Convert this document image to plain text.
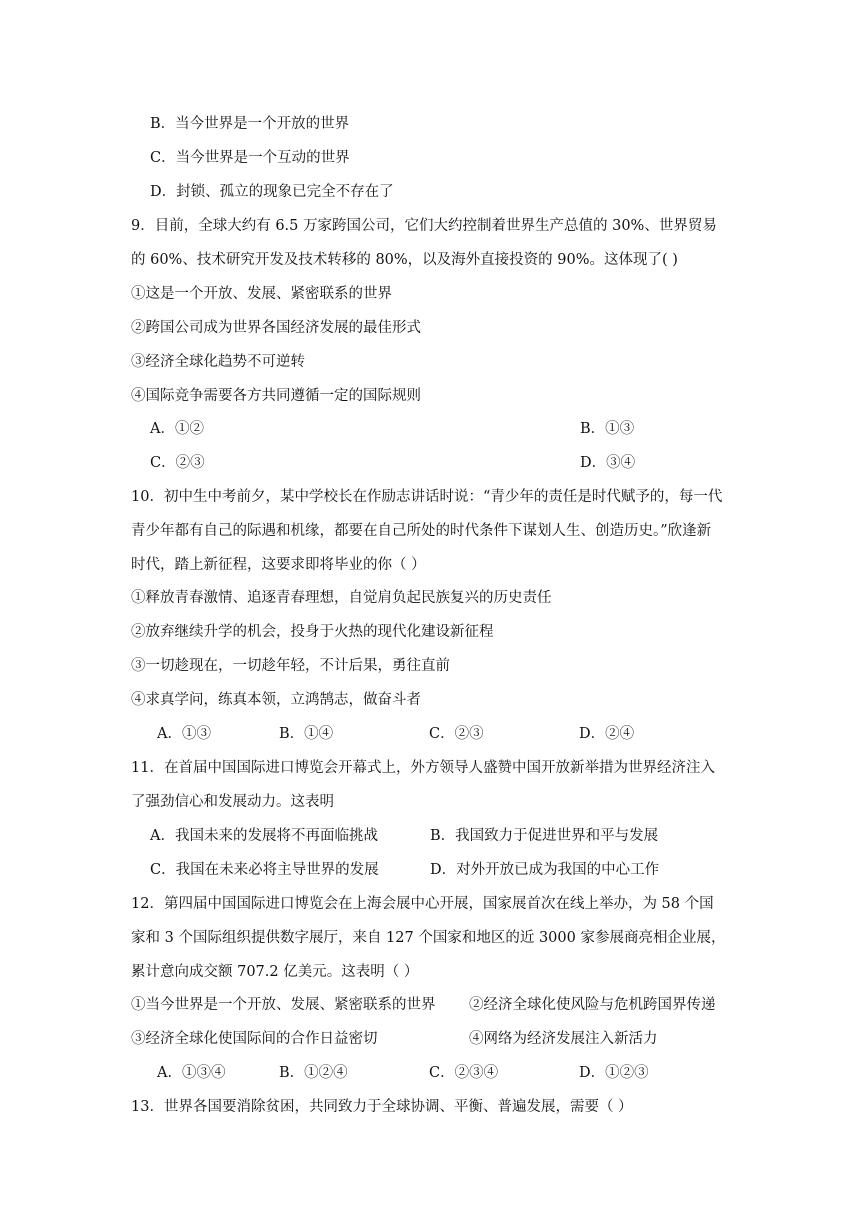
B．当今世界是一个开放的世界
C．当今世界是一个互动的世界
D．封锁、孤立的现象已完全不存在了
9．目前，全球大约有 6.5 万家跨国公司，它们大约控制着世界生产总值的 30%、世界贸易
的 60%、技术研究开发及技术转移的 80%，以及海外直接投资的 90%。这体现了( )
①这是一个开放、发展、紧密联系的世界
②跨国公司成为世界各国经济发展的最佳形式
③经济全球化趋势不可逆转
④国际竞争需要各方共同遵循一定的国际规则
A．①②	B．①③
C．②③	D．③④
10．初中生中考前夕，某中学校长在作励志讲话时说：“青少年的责任是时代赋予的，每一代
青少年都有自己的际遇和机缘，都要在自己所处的时代条件下谋划人生、创造历史。”欣逢新
时代，踏上新征程，这要求即将毕业的你（ ）
①释放青春激情、追逐青春理想，自觉肩负起民族复兴的历史责任
②放弃继续升学的机会，投身于火热的现代化建设新征程
③一切趁现在，一切趁年轻，不计后果，勇往直前
④求真学问，练真本领，立鸿鹄志，做奋斗者
A．①③	B．①④	C．②③	D．②④
11．在首届中国国际进口博览会开幕式上，外方领导人盛赞中国开放新举措为世界经济注入
了强劲信心和发展动力。这表明
A．我国未来的发展将不再面临挑战	B．我国致力于促进世界和平与发展
C．我国在未来必将主导世界的发展	D．对外开放已成为我国的中心工作
12．第四届中国国际进口博览会在上海会展中心开展，国家展首次在线上举办，为 58 个国
家和 3 个国际组织提供数字展厅，来自 127 个国家和地区的近 3000 家参展商亮相企业展，
累计意向成交额 707.2 亿美元。这表明（ ）
①当今世界是一个开放、发展、紧密联系的世界 ②经济全球化使风险与危机跨国界传递
③经济全球化使国际间的合作日益密切	④网络为经济发展注入新活力
A．①③④	B．①②④	C．②③④	D．①②③
13．世界各国要消除贫困，共同致力于全球协调、平衡、普遍发展，需要（ ）
